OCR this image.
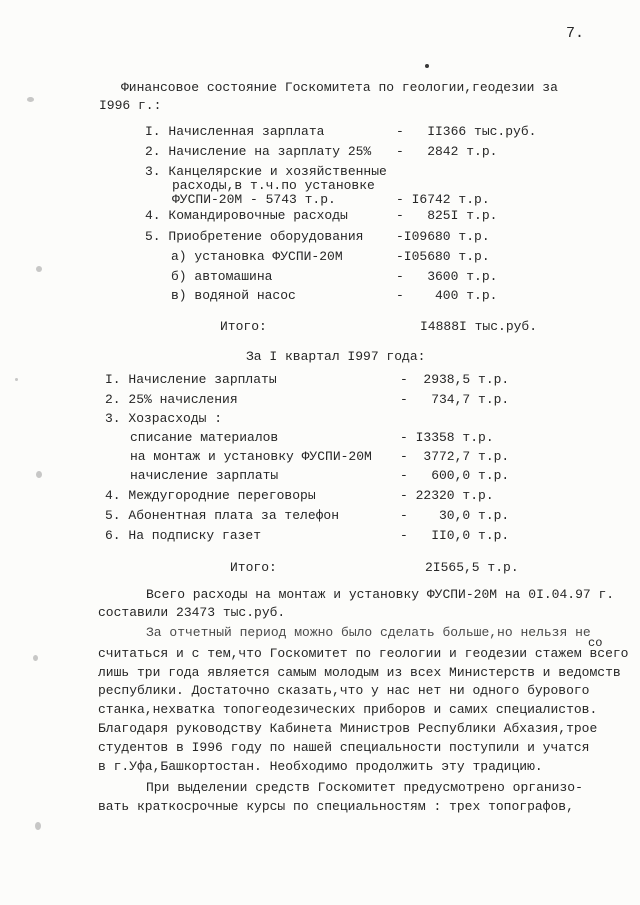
7.
Финансовое состояние Госкомитета по геологии,геодезии за
I996 г.:
I. Начисленная зарплата	-   II366 тыс.руб.
2. Начисление на зарплату 25% -   2842 т.р.
3. Канцелярские и хозяйственные
расходы,в т.ч.по установке
ФУСПИ-20М - 5743 т.р.	- I6742 т.р.
4. Командировочные расходы	-   825I т.р.
5. Приобретение оборудования	-I09680 т.р.
а) установка ФУСПИ-20М	-I05680 т.р.
б) автомашина	-   3600 т.р.
в) водяной насос	-    400 т.р.
Итого:	I4888I тыс.руб.
За I квартал I997 года:
I. Начисление зарплаты	-  2938,5 т.р.
2. 25% начисления	-   734,7 т.р.
3. Хозрасходы :
списание материалов	- I3358 т.р.
на монтаж и установку ФУСПИ-20М -  3772,7 т.р.
начисление зарплаты	-   600,0 т.р.
4. Междугородние переговоры	- 22320 т.р.
5. Абонентная плата за телефон	-    30,0 т.р.
6. На подписку газет	-   II0,0 т.р.
Итого:	2I565,5 т.р.
Всего расходы на монтаж и установку ФУСПИ-20М на 0I.04.97 г.
составили 23473 тыс.руб.
За отчетный период можно было сделать больше,но нельзя не
со
считаться и с тем,что Госкомитет по геологии и геодезии стажем всего
лишь три года является самым молодым из всех Министерств и ведомств
республики. Достаточно сказать,что у нас нет ни одного бурового
станка,нехватка топогеодезических приборов и самих специалистов.
Благодаря руководству Кабинета Министров Республики Абхазия,трое
студентов в I996 году по нашей специальности поступили и учатся
в г.Уфа,Башкортостан. Необходимо продолжить эту традицию.
При выделении средств Госкомитет предусмотрено организо-
вать краткосрочные курсы по специальностям : трех топографов,
